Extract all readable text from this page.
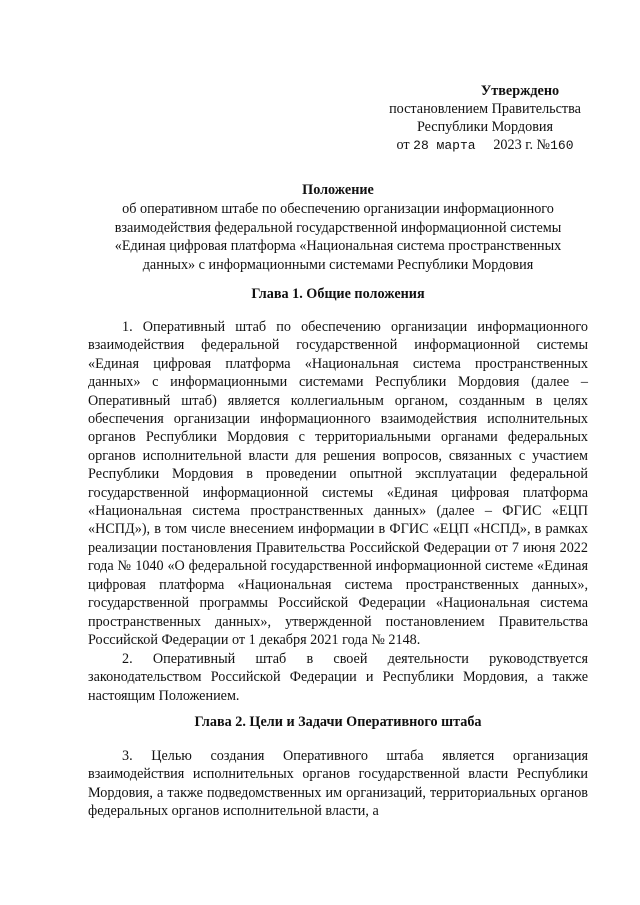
Утверждено
постановлением Правительства
Республики Мордовия
от 28 марта 2023 г. №160
Положение
об оперативном штабе по обеспечению организации информационного взаимодействия федеральной государственной информационной системы «Единая цифровая платформа «Национальная система пространственных данных» с информационными системами Республики Мордовия
Глава 1. Общие положения

1. Оперативный штаб по обеспечению организации информационного взаимодействия федеральной государственной информационной системы «Единая цифровая платформа «Национальная система пространственных данных» с информационными системами Республики Мордовия (далее – Оперативный штаб) является коллегиальным органом, созданным в целях обеспечения организации информационного взаимодействия исполнительных органов Республики Мордовия с территориальными органами федеральных органов исполнительной власти для решения вопросов, связанных с участием Республики Мордовия в проведении опытной эксплуатации федеральной государственной информационной системы «Единая цифровая платформа «Национальная система пространственных данных» (далее – ФГИС «ЕЦП «НСПД»), в том числе внесением информации в ФГИС «ЕЦП «НСПД», в рамках реализации постановления Правительства Российской Федерации от 7 июня 2022 года № 1040 «О федеральной государственной информационной системе «Единая цифровая платформа «Национальная система пространственных данных», государственной программы Российской Федерации «Национальная система пространственных данных», утвержденной постановлением Правительства Российской Федерации от 1 декабря 2021 года № 2148.

2. Оперативный штаб в своей деятельности руководствуется законодательством Российской Федерации и Республики Мордовия, а также настоящим Положением.

Глава 2. Цели и Задачи Оперативного штаба

3. Целью создания Оперативного штаба является организация взаимодействия исполнительных органов государственной власти Республики Мордовия, а также подведомственных им организаций, территориальных органов федеральных органов исполнительной власти, а
